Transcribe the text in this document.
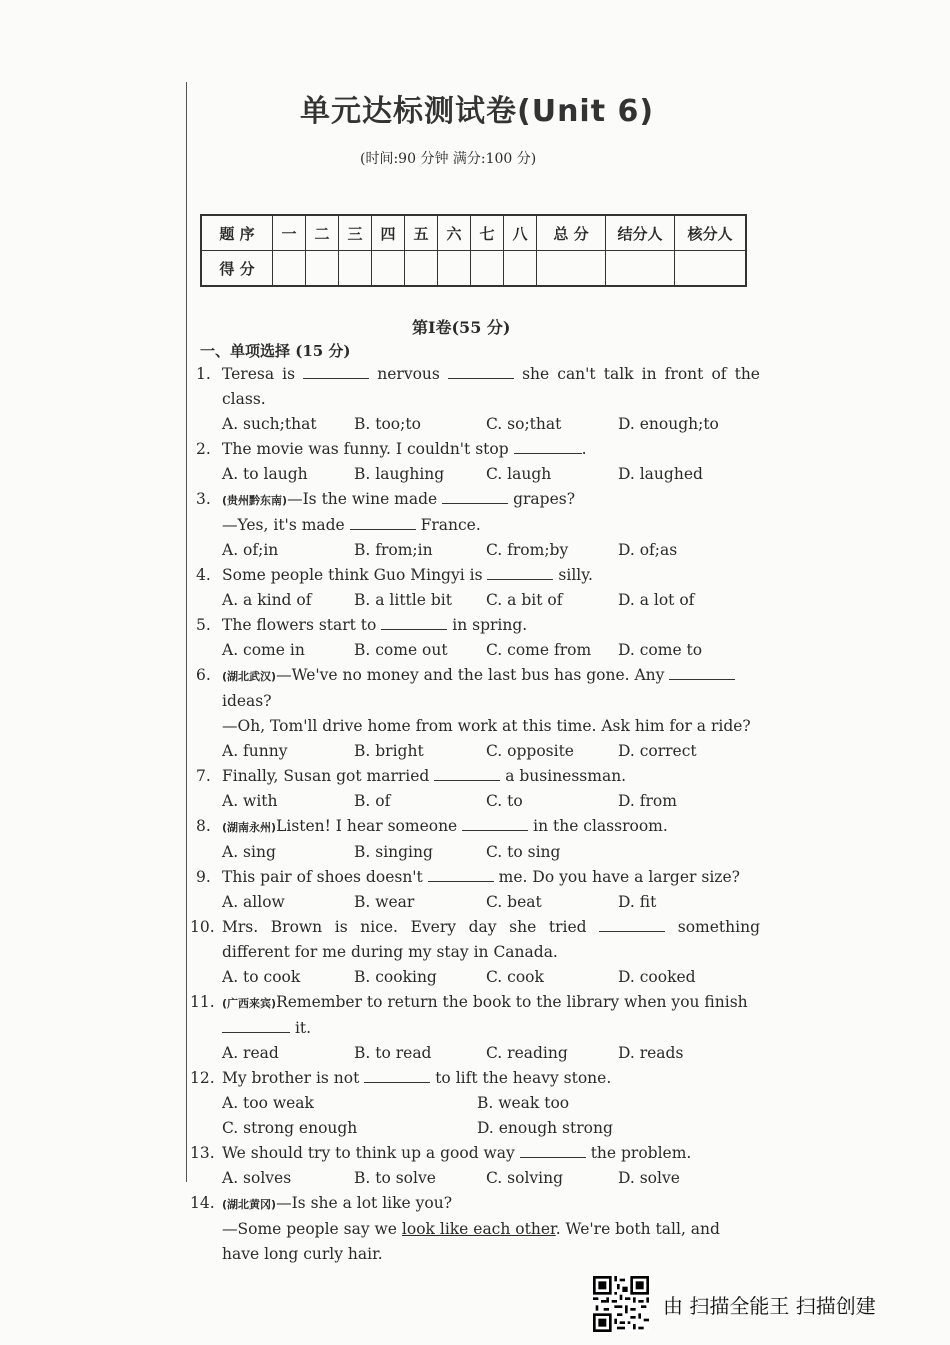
单元达标测试卷(Unit 6)
(时间:90 分钟 满分:100 分)
题 序	一	二	三	四	五	六	七	八	总 分	结分人	核分人
得 分											
第Ⅰ卷(55 分)
一、单项选择 (15 分)
1. Teresa is	nervous	she can't talk in front of the
class.
A. such;that	B. too;to	C. so;that	D. enough;to
2. The movie was funny. I couldn't stop	.
A. to laugh	B. laughing	C. laugh	D. laughed
3. (贵州黔东南)—Is the wine made	grapes?
—Yes, it's made	France.
A. of;in	B. from;in	C. from;by	D. of;as
4. Some people think Guo Mingyi is	silly.
A. a kind of	B. a little bit	C. a bit of	D. a lot of
5. The flowers start to	in spring.
A. come in	B. come out	C. come from	D. come to
6. (湖北武汉)—We've no money and the last bus has gone. Any
ideas?
—Oh, Tom'll drive home from work at this time. Ask him for a ride?
A. funny	B. bright	C. opposite	D. correct
7. Finally, Susan got married	a businessman.
A. with	B. of	C. to	D. from
8. (湖南永州)Listen! I hear someone	in the classroom.
A. sing	B. singing	C. to sing
9. This pair of shoes doesn't	me. Do you have a larger size?
A. allow	B. wear	C. beat	D. fit
10. Mrs. Brown is nice. Every day she tried	something
different for me during my stay in Canada.
A. to cook	B. cooking	C. cook	D. cooked
11. (广西来宾)Remember to return the book to the library when you finish
it.
A. read	B. to read	C. reading	D. reads
12. My brother is not	to lift the heavy stone.
A. too weak	B. weak too
C. strong enough	D. enough strong
13. We should try to think up a good way	the problem.
A. solves	B. to solve	C. solving	D. solve
14. (湖北黄冈)—Is she a lot like you?
—Some people say we look like each other. We're both tall, and
have long curly hair.
由 扫描全能王 扫描创建
